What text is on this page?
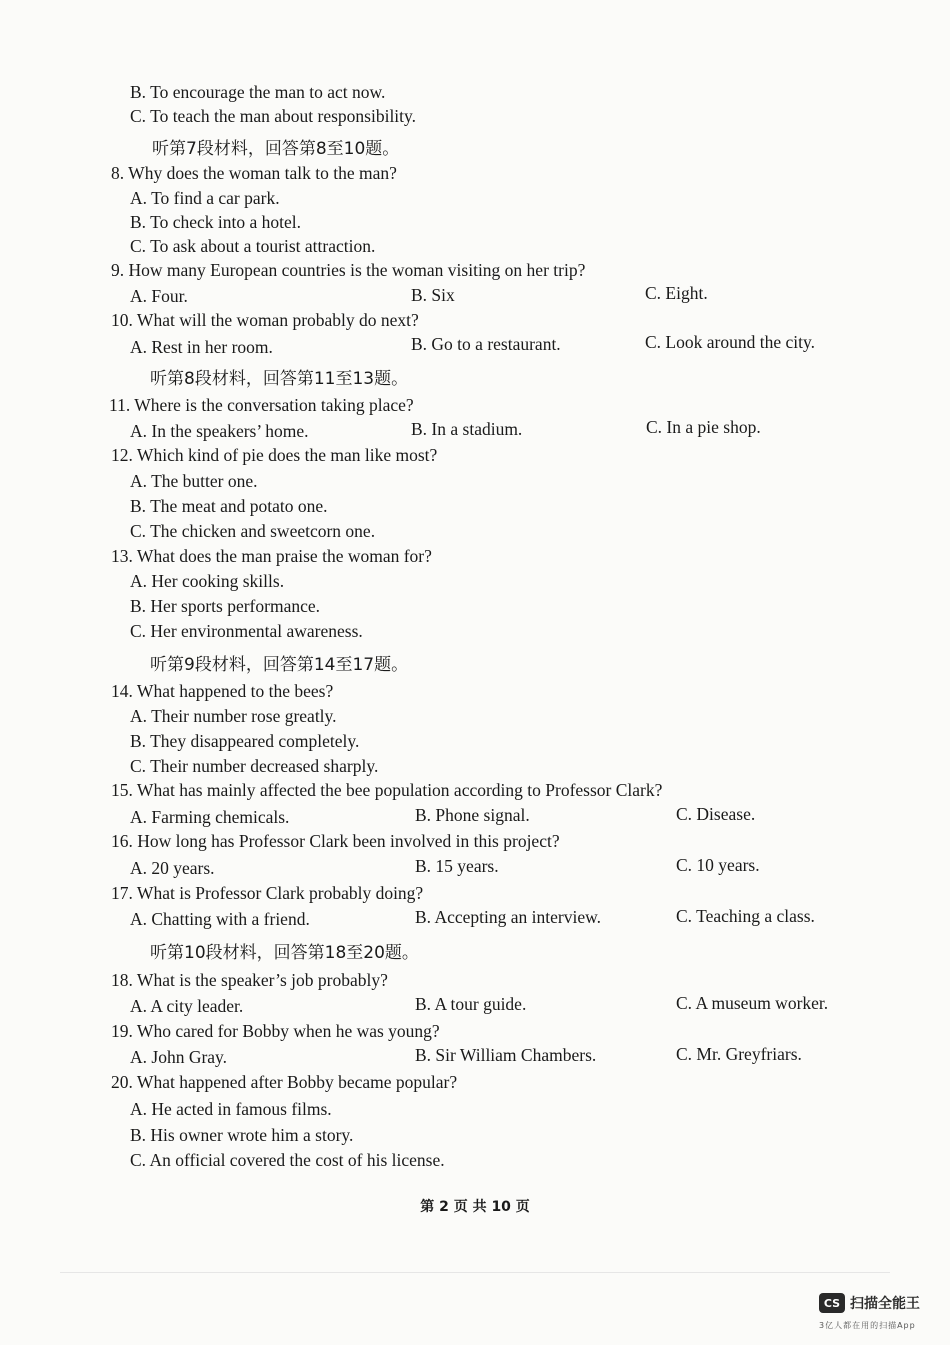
B. To encourage the man to act now.
C. To teach the man about responsibility.
听第7段材料，回答第8至10题。
8. Why does the woman talk to the man?
A. To find a car park.
B. To check into a hotel.
C. To ask about a tourist attraction.
9. How many European countries is the woman visiting on her trip?
A. Four.	B. Six	C. Eight.
10. What will the woman probably do next?
A. Rest in her room.	B. Go to a restaurant.	C. Look around the city.
听第8段材料，回答第11至13题。
11. Where is the conversation taking place?
A. In the speakers’ home.	B. In a stadium.	C. In a pie shop.
12. Which kind of pie does the man like most?
A. The butter one.
B. The meat and potato one.
C. The chicken and sweetcorn one.
13. What does the man praise the woman for?
A. Her cooking skills.
B. Her sports performance.
C. Her environmental awareness.
听第9段材料，回答第14至17题。
14. What happened to the bees?
A. Their number rose greatly.
B. They disappeared completely.
C. Their number decreased sharply.
15. What has mainly affected the bee population according to Professor Clark?
A. Farming chemicals.	B. Phone signal.	C. Disease.
16. How long has Professor Clark been involved in this project?
A. 20 years.	B. 15 years.	C. 10 years.
17. What is Professor Clark probably doing?
A. Chatting with a friend.	B. Accepting an interview.	C. Teaching a class.
听第10段材料，回答第18至20题。
18. What is the speaker’s job probably?
A. A city leader.	B. A tour guide.	C. A museum worker.
19. Who cared for Bobby when he was young?
A. John Gray.	B. Sir William Chambers.	C. Mr. Greyfriars.
20. What happened after Bobby became popular?
A. He acted in famous films.
B. His owner wrote him a story.
C. An official covered the cost of his license.
第 2 页 共 10 页
CS 扫描全能王
3亿人都在用的扫描App
